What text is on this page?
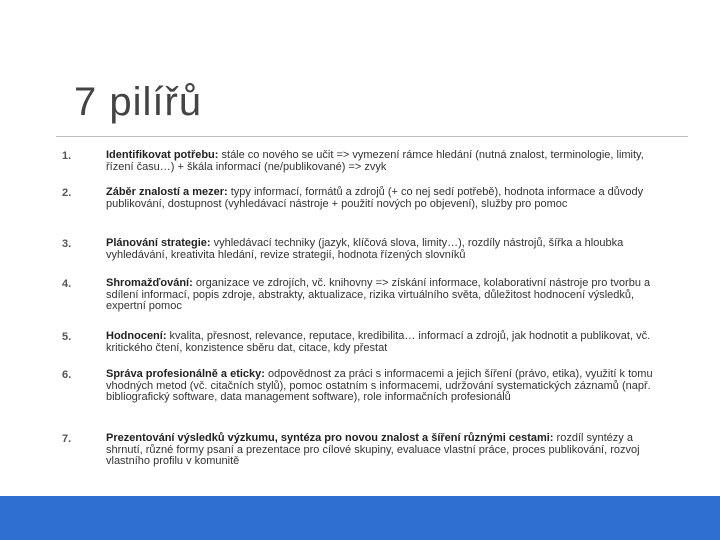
7 pilířů
1.	Identifikovat potřebu: stále co nového se učit => vymezení rámce hledání (nutná znalost, terminologie, limity, řízení času…) + škála informací (ne/publikované) => zvyk
2.	Záběr znalostí a mezer: typy informací, formátů a zdrojů (+ co nej sedí potřebě), hodnota informace a důvody publikování, dostupnost (vyhledávací nástroje + použití nových po objevení), služby pro pomoc
3.	Plánování strategie: vyhledávací techniky (jazyk, klíčová slova, limity…), rozdíly nástrojů, šířka a hloubka vyhledávání, kreativita hledání, revize strategií, hodnota řízených slovníků
4.	Shromažďování: organizace ve zdrojích, vč. knihovny => získání informace, kolaborativní nástroje pro tvorbu a sdílení informací, popis zdroje, abstrakty, aktualizace, rizika virtuálního světa, důležitost hodnocení výsledků, expertní pomoc
5.	Hodnocení: kvalita, přesnost, relevance, reputace, kredibilita… informací a zdrojů, jak hodnotit a publikovat, vč. kritického čtení, konzistence sběru dat, citace, kdy přestat
6.	Správa profesionálně a eticky: odpovědnost za práci s informacemi a jejich šíření (právo, etika), využití k tomu vhodných metod (vč. citačních stylů), pomoc ostatním s informacemi, udržování systematických záznamů (např. bibliografický software, data management software), role informačních profesionálů
7.	Prezentování výsledků výzkumu, syntéza pro novou znalost a šíření různými cestami: rozdíl syntézy a shrnutí, různé formy psaní a prezentace pro cílové skupiny, evaluace vlastní práce, proces publikování, rozvoj vlastního profilu v komunitě
